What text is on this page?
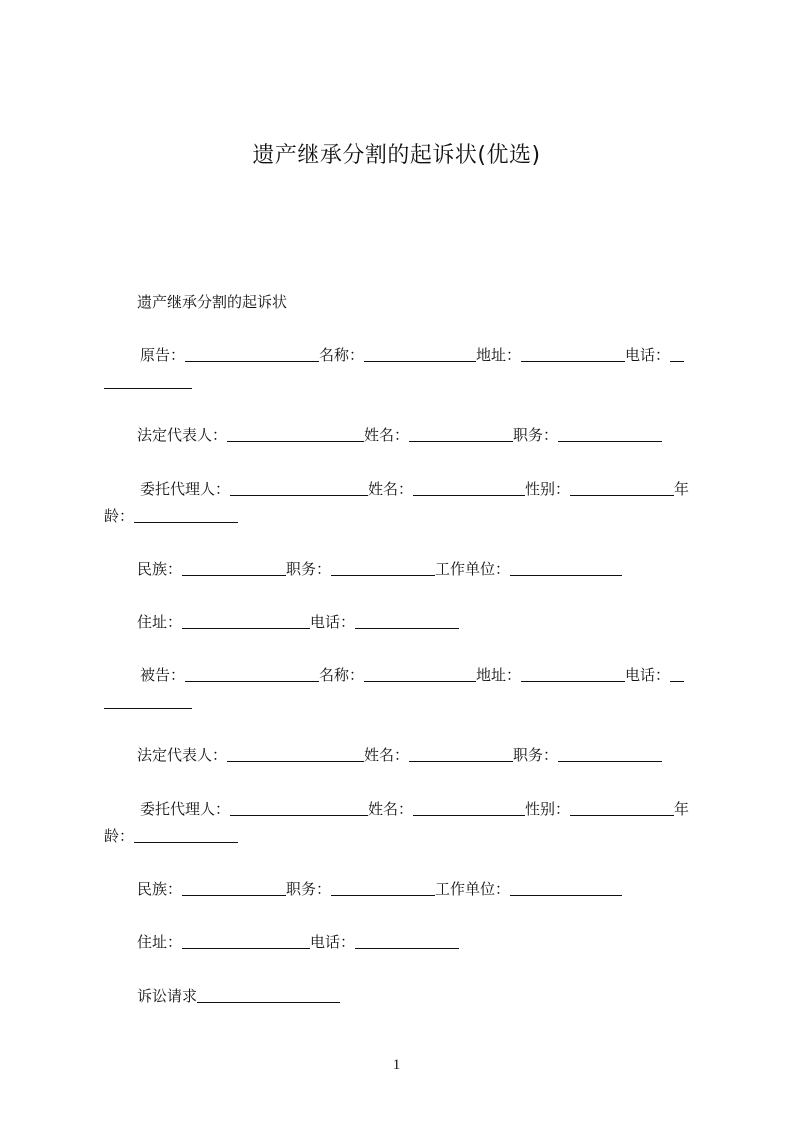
遗产继承分割的起诉状(优选)
遗产继承分割的起诉状
原告：	名称：	地址：	电话：
法定代表人：	姓名：	职务：
委托代理人：	姓名：	性别：	年
龄：
民族：	职务：	工作单位：
住址：	电话：
被告：	名称：	地址：	电话：
法定代表人：	姓名：	职务：
委托代理人：	姓名：	性别：	年
龄：
民族：	职务：	工作单位：
住址：	电话：
诉讼请求
1
